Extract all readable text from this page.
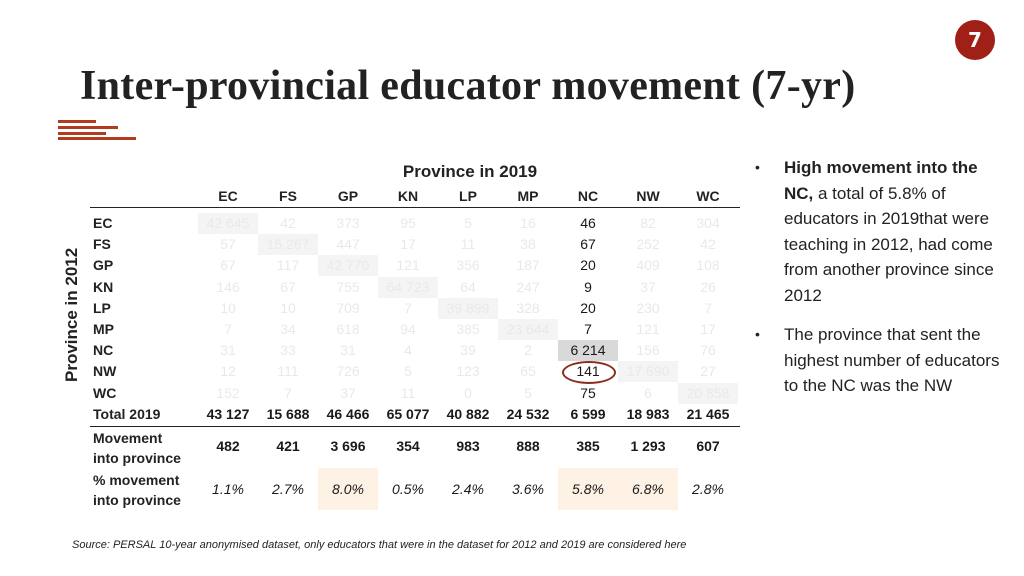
7
Inter-provincial educator movement (7-yr)
Province in 2019
Province in 2012
EC	FS	GP	KN	LP	MP	NC	NW	WC
EC	42 645	42	373	95	5	16	46	82	304
FS	57	15 267	447	17	11	38	67	252	42
GP	67	117	42 770	121	356	187	20	409	108
KN	146	67	755	64 723	64	247	9	37	26
LP	10	10	709	7	39 899	328	20	230	7
MP	7	34	618	94	385	23 644	7	121	17
NC	31	33	31	4	39	2	6 214	156	76
NW	12	111	726	5	123	65	141	17 690	27
WC	152	7	37	11	0	5	75	6	20 858
Total 2019	43 127	15 688	46 466	65 077	40 882	24 532	6 599	18 983	21 465
Movement
into province
482	421	3 696	354	983	888	385	1 293	607
% movement
into province
1.1%	2.7%	8.0%	0.5%	2.4%	3.6%	5.8%	6.8%	2.8%
• High movement into the NC, a total of 5.8% of educators in 2019that were teaching in 2012, had come from another province since 2012
• The province that sent the highest number of educators to the NC was the NW
Source: PERSAL 10-year anonymised dataset, only educators that were in the dataset for 2012 and 2019 are considered here
